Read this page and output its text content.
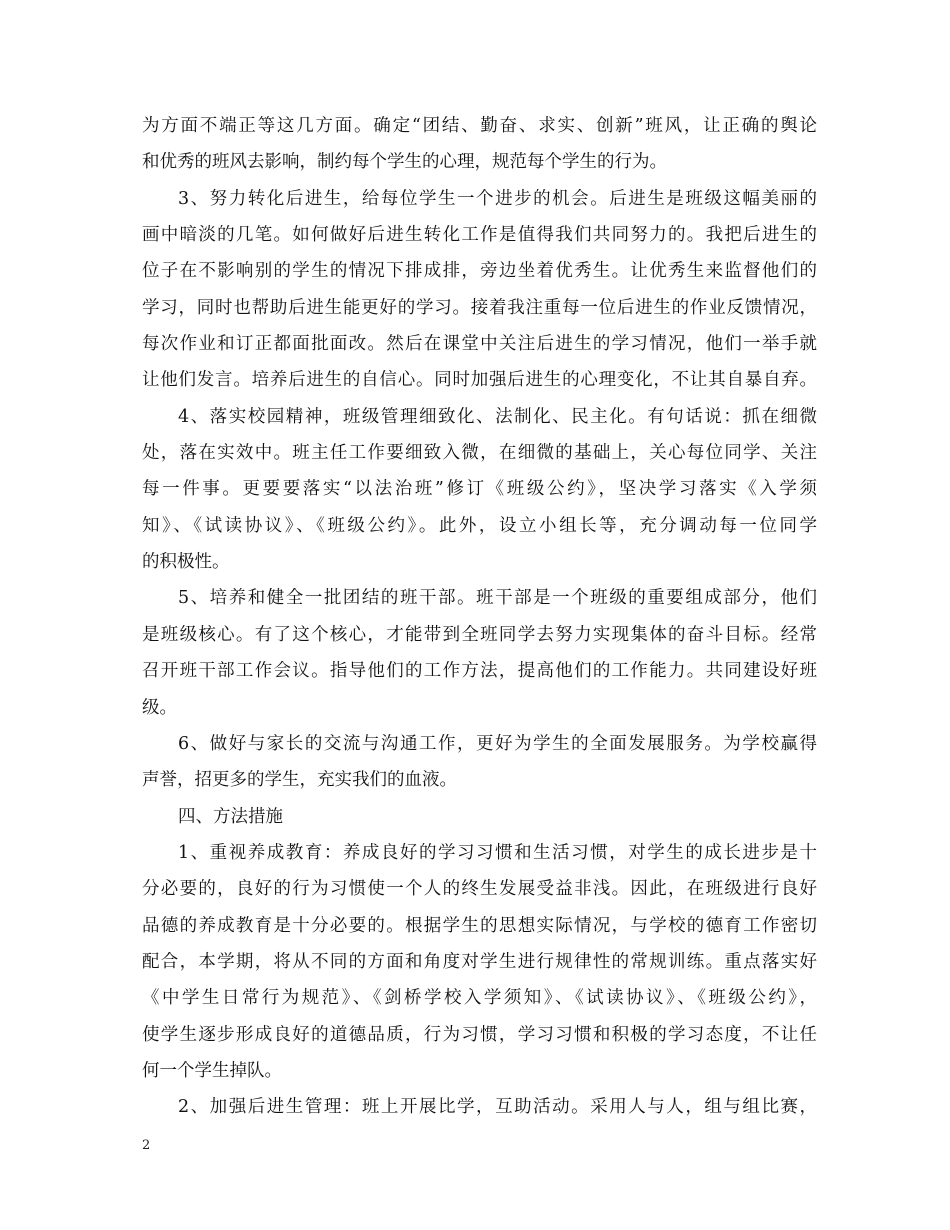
为方面不端正等这几方面。确定“团结、勤奋、求实、创新”班风，让正确的舆论
和优秀的班风去影响，制约每个学生的心理，规范每个学生的行为。
3、努力转化后进生，给每位学生一个进步的机会。后进生是班级这幅美丽的
画中暗淡的几笔。如何做好后进生转化工作是值得我们共同努力的。我把后进生的
位子在不影响别的学生的情况下排成排，旁边坐着优秀生。让优秀生来监督他们的
学习，同时也帮助后进生能更好的学习。接着我注重每一位后进生的作业反馈情况，
每次作业和订正都面批面改。然后在课堂中关注后进生的学习情况，他们一举手就
让他们发言。培养后进生的自信心。同时加强后进生的心理变化，不让其自暴自弃。
4、落实校园精神，班级管理细致化、法制化、民主化。有句话说：抓在细微
处，落在实效中。班主任工作要细致入微，在细微的基础上，关心每位同学、关注
每一件事。更要要落实“以法治班”修订《班级公约》，坚决学习落实《入学须
知》、《试读协议》、《班级公约》。此外，设立小组长等，充分调动每一位同学
的积极性。
5、培养和健全一批团结的班干部。班干部是一个班级的重要组成部分，他们
是班级核心。有了这个核心，才能带到全班同学去努力实现集体的奋斗目标。经常
召开班干部工作会议。指导他们的工作方法，提高他们的工作能力。共同建设好班
级。
6、做好与家长的交流与沟通工作，更好为学生的全面发展服务。为学校赢得
声誉，招更多的学生，充实我们的血液。
四、方法措施
1、重视养成教育：养成良好的学习习惯和生活习惯，对学生的成长进步是十
分必要的，良好的行为习惯使一个人的终生发展受益非浅。因此，在班级进行良好
品德的养成教育是十分必要的。根据学生的思想实际情况，与学校的德育工作密切
配合，本学期，将从不同的方面和角度对学生进行规律性的常规训练。重点落实好
《中学生日常行为规范》、《剑桥学校入学须知》、《试读协议》、《班级公约》，
使学生逐步形成良好的道德品质，行为习惯，学习习惯和积极的学习态度，不让任
何一个学生掉队。
2、加强后进生管理：班上开展比学，互助活动。采用人与人，组与组比赛，
2
